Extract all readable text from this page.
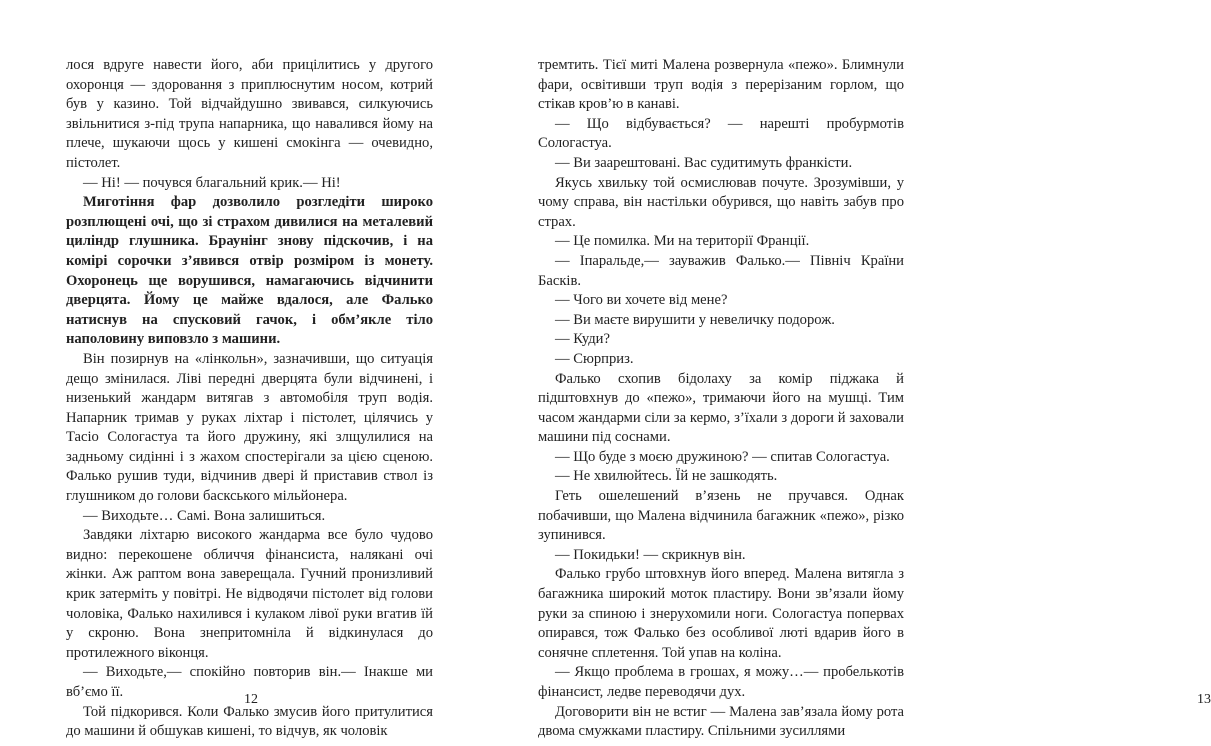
лося вдруге навести його, аби прицілитись у другого охоронця — здоровання з приплюснутим носом, котрий був у казино. Той відчайдушно звивався, силкуючись звільнитися з-під трупа напарника, що навалився йому на плече, шукаючи щось у кишені смокінга — очевидно, пістолет.

— Ні! — почувся благальний крик.— Ні!

Миготіння фар дозволило розгледіти широко розплющені очі, що зі страхом дивилися на металевий циліндр глушника. Браунінг знову підскочив, і на комірі сорочки з’явився отвір розміром із монету. Охоронець ще ворушився, намагаючись відчинити дверцята. Йому це майже вдалося, але Фалько натиснув на спусковий гачок, і обм’якле тіло наполовину виповзло з машини.

Він позирнув на «лінкольн», зазначивши, що ситуація дещо змінилася. Ліві передні дверцята були відчинені, і низенький жандарм витягав з автомобіля труп водія. Напарник тримав у руках ліхтар і пістолет, цілячись у Тасіо Сологастуа та його дружину, які злщулилися на задньому сидінні і з жахом спостерігали за цією сценою. Фалько рушив туди, відчинив двері й приставив ствол із глушником до голови баскського мільйонера.

— Виходьте… Самі. Вона залишиться.

Завдяки ліхтарю високого жандарма все було чудово видно: перекошене обличчя фінансиста, налякані очі жінки. Аж раптом вона заверещала. Гучний пронизливий крик затерміть у повітрі. Не відводячи пістолет від голови чоловіка, Фалько нахилився і кулаком лівої руки вгатив їй у скроню. Вона знепритомніла й відкинулася до протилежного віконця.

— Виходьте,— спокійно повторив він.— Інакше ми вб’ємо її.

Той підкорився. Коли Фалько змусив його притулитися до машини й обшукав кишені, то відчув, як чоловік

12	13

тремтить. Тієї миті Малена розвернула «пежо». Блимнули фари, освітивши труп водія з перерізаним горлом, що стікав кров’ю в канаві.

— Що відбувається? — нарешті пробурмотів Сологастуа.

— Ви заарештовані. Вас судитимуть франкісти.

Якусь хвильку той осмислював почуте. Зрозумівши, у чому справа, він настільки обурився, що навіть забув про страх.

— Це помилка. Ми на території Франції.

— Іпаральде,— зауважив Фалько.— Північ Країни Басків.

— Чого ви хочете від мене?

— Ви маєте вирушити у невеличку подорож.

— Куди?

— Сюрприз.

Фалько схопив бідолаху за комір піджака й підштовхнув до «пежо», тримаючи його на мушці. Тим часом жандарми сіли за кермо, з’їхали з дороги й заховали машини під соснами.

— Що буде з моєю дружиною? — спитав Сологастуа.

— Не хвилюйтесь. Їй не зашкодять.

Геть ошелешений в’язень не пручався. Однак побачивши, що Малена відчинила багажник «пежо», різко зупинився.

— Покидьки! — скрикнув він.

Фалько грубо штовхнув його вперед. Малена витягла з багажника широкий моток пластиру. Вони зв’язали йому руки за спиною і знерухомили ноги. Сологастуа попервах опирався, тож Фалько без особливої люті вдарив його в сонячне сплетення. Той упав на коліна.

— Якщо проблема в грошах, я можу…— пробелькотів фінансист, ледве переводячи дух.

Договорити він не встиг — Малена зав’язала йому рота двома смужками пластиру. Спільними зусиллями
